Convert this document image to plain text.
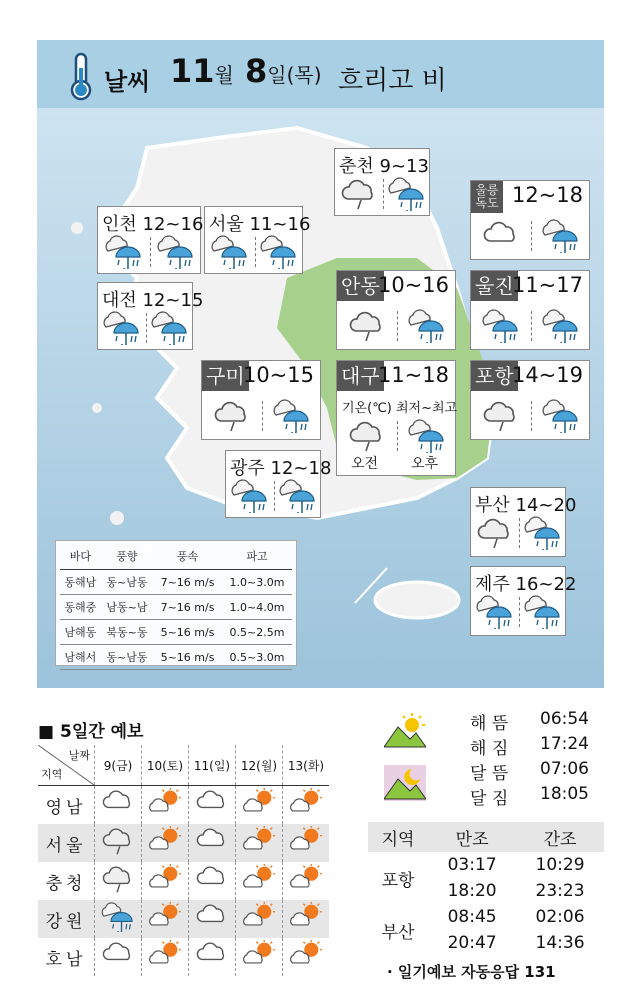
날씨 11월 8일(목) 흐리고 비
춘천 9~13
인천 12~16 서울 11~16
대전 12~15
울릉
독도 12~18
안동
10~16 울진
11~17
구미
10~15 대구
11~18
기온(℃) 최저~최고
오전 오후
포항
14~19
광주 12~18
부산 14~20
제주 16~22
바다	풍향	풍속	파고
동해남	동~남동	7~16 m/s	1.0~3.0m
동해중	남동~남	7~16 m/s	1.0~4.0m
남해동	북동~동	5~16 m/s	0.5~2.5m
남해서	동~남동	5~16 m/s	0.5~3.0m
■ 5일간 예보
날짜
지역	9(금)	10(토)	11(일)	12(월)	13(화)
영남					
서울					
충청					
강원					
호남					
해 뜸 06:54
해 짐 17:24
달 뜸 07:06
달 짐 18:05
지역	만조	간조
포항	03:17	10:29
	18:20	23:23
부산	08:45	02:06
	20:47	14:36
· 일기예보 자동응답 131
